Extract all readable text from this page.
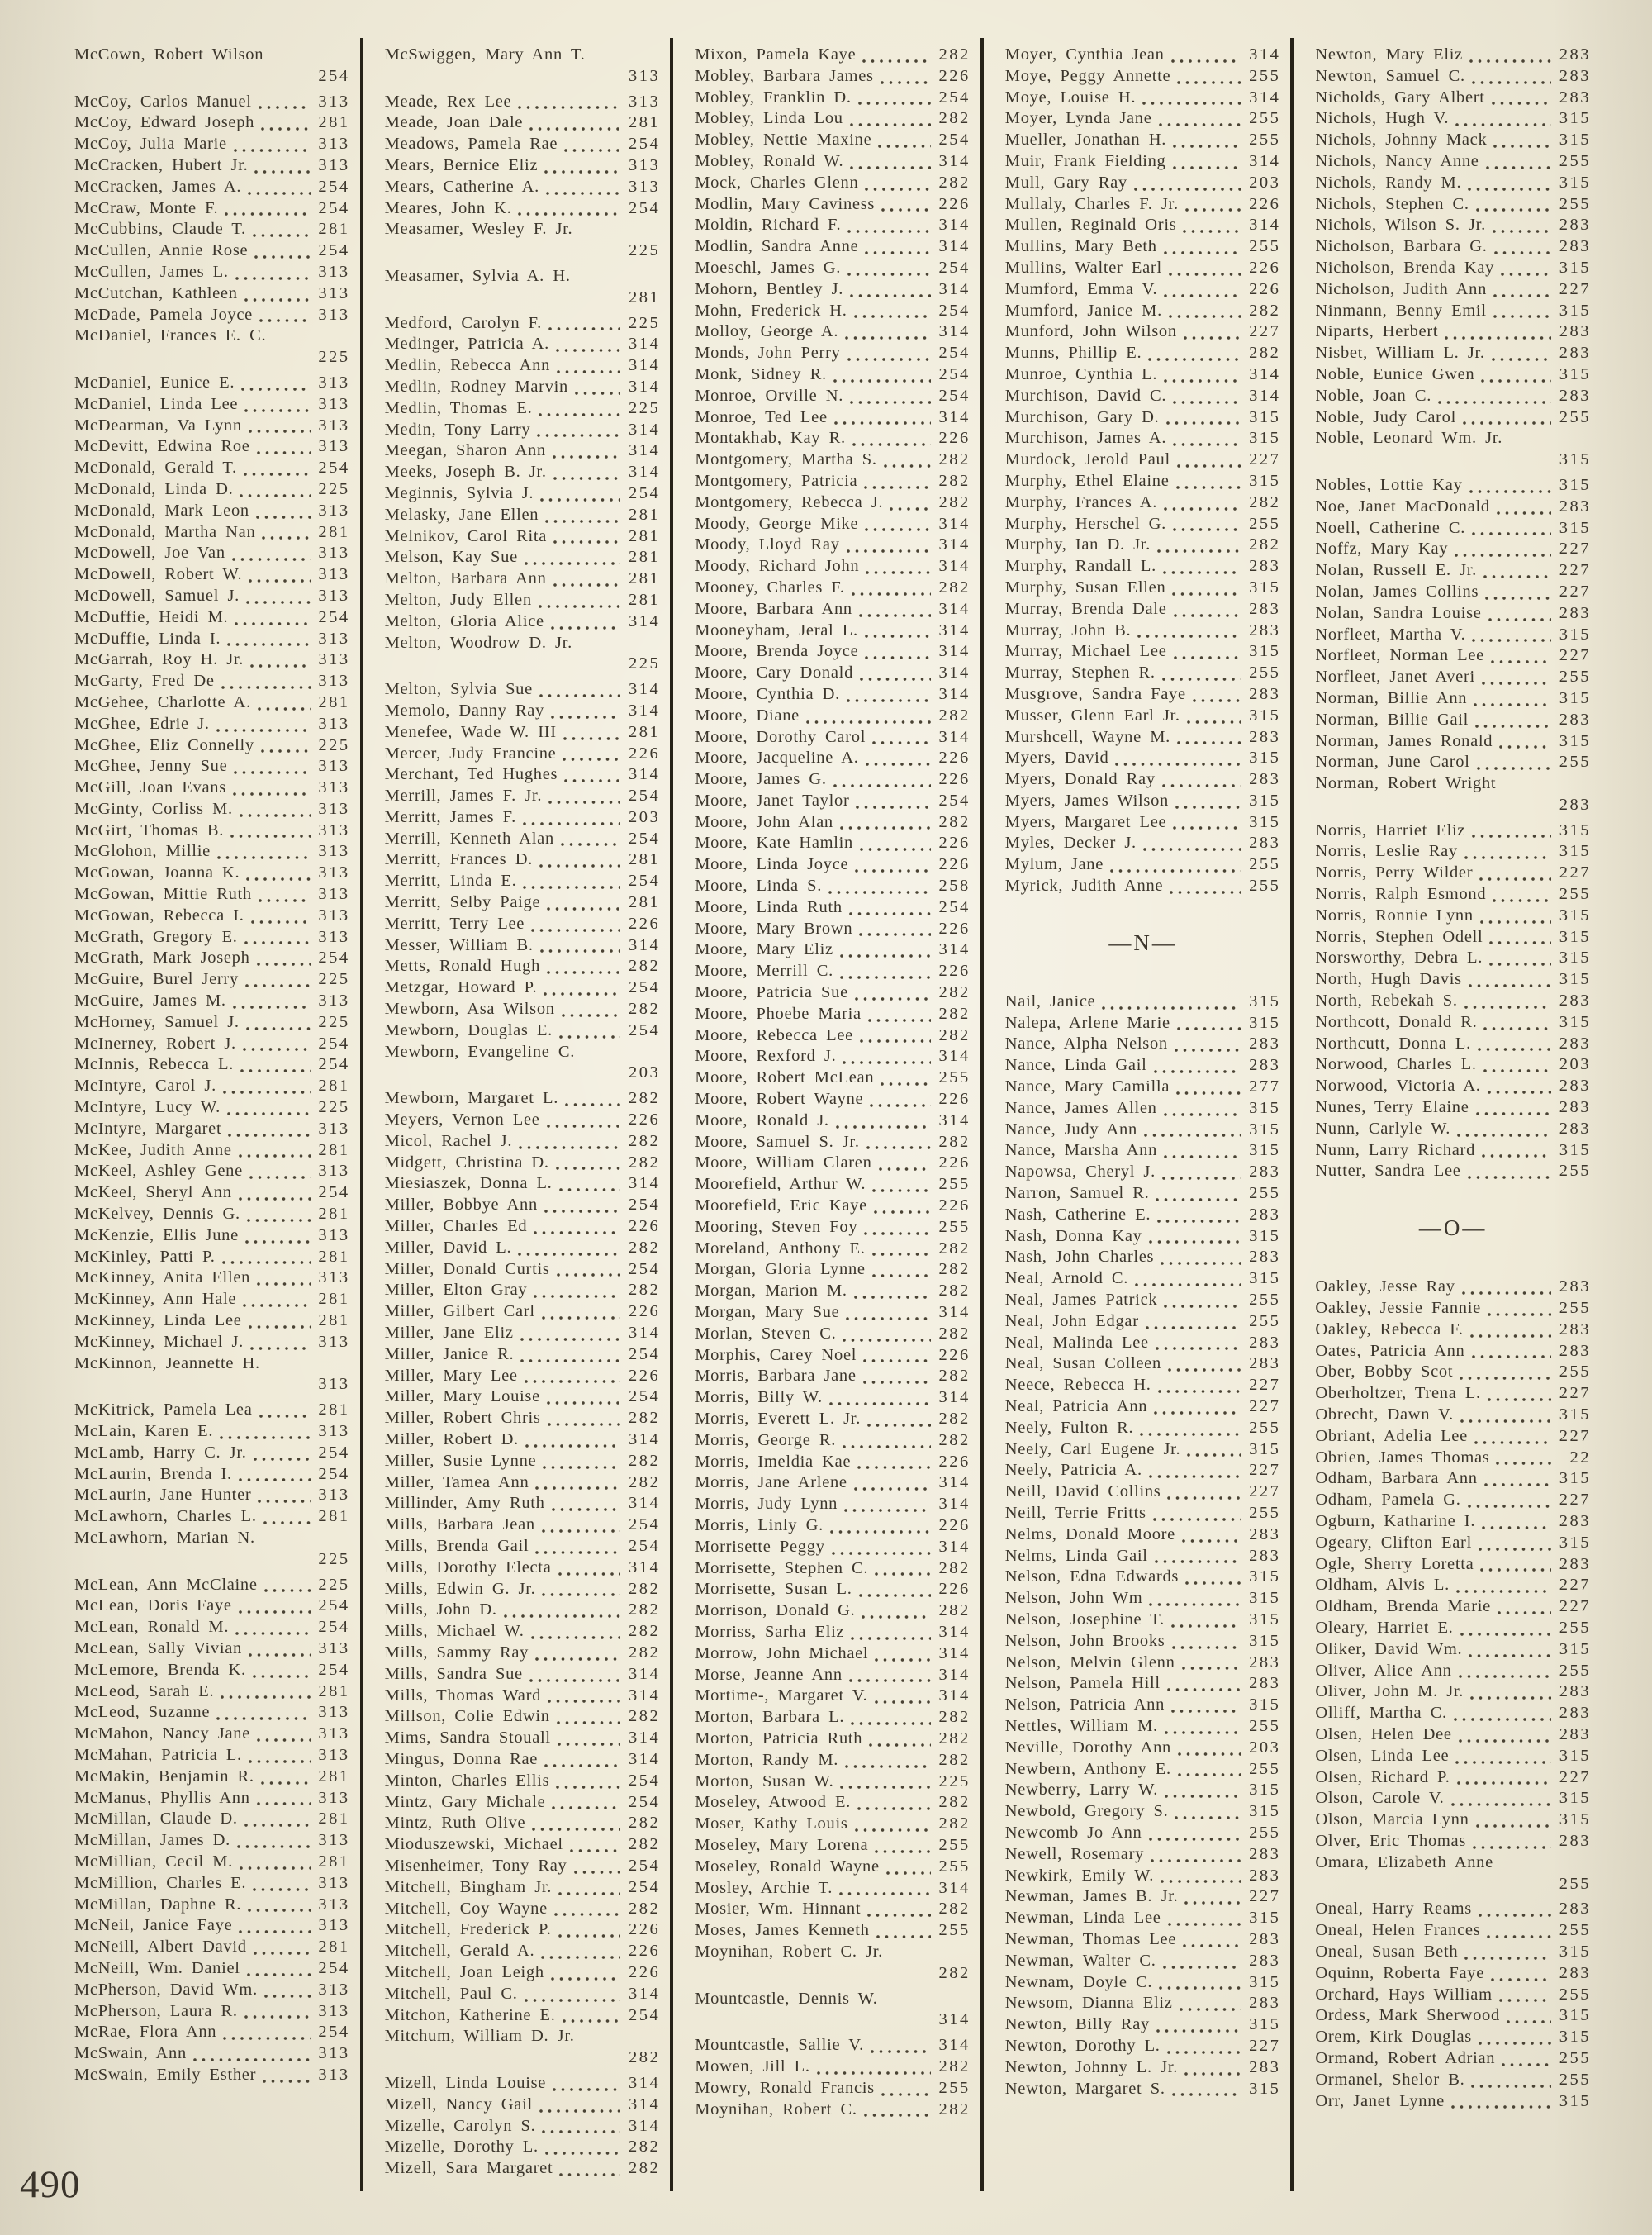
McCown, Robert Wilson
254
McCoy, Carlos Manuel	313
McCoy, Edward Joseph	281
McCoy, Julia Marie	313
McCracken, Hubert Jr.	313
McCracken, James A.	254
McCraw, Monte F.	254
McCubbins, Claude T.	281
McCullen, Annie Rose	254
McCullen, James L.	313
McCutchan, Kathleen	313
McDade, Pamela Joyce	313
McDaniel, Frances E. C.
225
McDaniel, Eunice E.	313
McDaniel, Linda Lee	313
McDearman, Va Lynn	313
McDevitt, Edwina Roe	313
McDonald, Gerald T.	254
McDonald, Linda D.	225
McDonald, Mark Leon	313
McDonald, Martha Nan	281
McDowell, Joe Van	313
McDowell, Robert W.	313
McDowell, Samuel J.	313
McDuffie, Heidi M.	254
McDuffie, Linda I.	313
McGarrah, Roy H. Jr.	313
McGarty, Fred De	313
McGehee, Charlotte A.	281
McGhee, Edrie J.	313
McGhee, Eliz Connelly	225
McGhee, Jenny Sue	313
McGill, Joan Evans	313
McGinty, Corliss M.	313
McGirt, Thomas B.	313
McGlohon, Millie	313
McGowan, Joanna K.	313
McGowan, Mittie Ruth	313
McGowan, Rebecca I.	313
McGrath, Gregory E.	313
McGrath, Mark Joseph	254
McGuire, Burel Jerry	225
McGuire, James M.	313
McHorney, Samuel J.	225
McInerney, Robert J.	254
McInnis, Rebecca L.	254
McIntyre, Carol J.	281
McIntyre, Lucy W.	225
McIntyre, Margaret	313
McKee, Judith Anne	281
McKeel, Ashley Gene	313
McKeel, Sheryl Ann	254
McKelvey, Dennis G.	281
McKenzie, Ellis June	313
McKinley, Patti P.	281
McKinney, Anita Ellen	313
McKinney, Ann Hale	281
McKinney, Linda Lee	281
McKinney, Michael J.	313
McKinnon, Jeannette H.
313
McKitrick, Pamela Lea	281
McLain, Karen E.	313
McLamb, Harry C. Jr.	254
McLaurin, Brenda I.	254
McLaurin, Jane Hunter	313
McLawhorn, Charles L.	281
McLawhorn, Marian N.
225
McLean, Ann McClaine	225
McLean, Doris Faye	254
McLean, Ronald M.	254
McLean, Sally Vivian	313
McLemore, Brenda K.	254
McLeod, Sarah E.	281
McLeod, Suzanne	313
McMahon, Nancy Jane	313
McMahan, Patricia L.	313
McMakin, Benjamin R.	281
McManus, Phyllis Ann	313
McMillan, Claude D.	281
McMillan, James D.	313
McMillian, Cecil M.	281
McMillion, Charles E.	313
McMillan, Daphne R.	313
McNeil, Janice Faye	313
McNeill, Albert David	281
McNeill, Wm. Daniel	254
McPherson, David Wm.	313
McPherson, Laura R.	313
McRae, Flora Ann	254
McSwain, Ann	313
McSwain, Emily Esther	313
McSwiggen, Mary Ann T.
313
Meade, Rex Lee	313
Meade, Joan Dale	281
Meadows, Pamela Rae	254
Mears, Bernice Eliz	313
Mears, Catherine A.	313
Meares, John K.	254
Measamer, Wesley F. Jr.
225
Measamer, Sylvia A. H.
281
Medford, Carolyn F.	225
Medinger, Patricia A.	314
Medlin, Rebecca Ann	314
Medlin, Rodney Marvin	314
Medlin, Thomas E.	225
Medin, Tony Larry	314
Meegan, Sharon Ann	314
Meeks, Joseph B. Jr.	314
Meginnis, Sylvia J.	254
Melasky, Jane Ellen	281
Melnikov, Carol Rita	281
Melson, Kay Sue	281
Melton, Barbara Ann	281
Melton, Judy Ellen	281
Melton, Gloria Alice	314
Melton, Woodrow D. Jr.
225
Melton, Sylvia Sue	314
Memolo, Danny Ray	314
Menefee, Wade W. III	281
Mercer, Judy Francine	226
Merchant, Ted Hughes	314
Merrill, James F. Jr.	254
Merritt, James F.	203
Merrill, Kenneth Alan	254
Merritt, Frances D.	281
Merritt, Linda E.	254
Merritt, Selby Paige	281
Merritt, Terry Lee	226
Messer, William B.	314
Metts, Ronald Hugh	282
Metzgar, Howard P.	254
Mewborn, Asa Wilson	282
Mewborn, Douglas E.	254
Mewborn, Evangeline C.
203
Mewborn, Margaret L.	282
Meyers, Vernon Lee	226
Micol, Rachel J.	282
Midgett, Christina D.	282
Miesiaszek, Donna L.	314
Miller, Bobbye Ann	254
Miller, Charles Ed	226
Miller, David L.	282
Miller, Donald Curtis	254
Miller, Elton Gray	282
Miller, Gilbert Carl	226
Miller, Jane Eliz	314
Miller, Janice R.	254
Miller, Mary Lee	226
Miller, Mary Louise	254
Miller, Robert Chris	282
Miller, Robert D.	314
Miller, Susie Lynne	282
Miller, Tamea Ann	282
Millinder, Amy Ruth	314
Mills, Barbara Jean	254
Mills, Brenda Gail	254
Mills, Dorothy Electa	314
Mills, Edwin G. Jr.	282
Mills, John D.	282
Mills, Michael W.	282
Mills, Sammy Ray	282
Mills, Sandra Sue	314
Mills, Thomas Ward	314
Millson, Colie Edwin	282
Mims, Sandra Stouall	314
Mingus, Donna Rae	314
Minton, Charles Ellis	254
Mintz, Gary Michale	254
Mintz, Ruth Olive	282
Mioduszewski, Michael	282
Misenheimer, Tony Ray	254
Mitchell, Bingham Jr.	254
Mitchell, Coy Wayne	282
Mitchell, Frederick P.	226
Mitchell, Gerald A.	226
Mitchell, Joan Leigh	226
Mitchell, Paul C.	314
Mitchon, Katherine E.	254
Mitchum, William D. Jr.
282
Mizell, Linda Louise	314
Mizell, Nancy Gail	314
Mizelle, Carolyn S.	314
Mizelle, Dorothy L.	282
Mizell, Sara Margaret	282
Mixon, Pamela Kaye	282
Mobley, Barbara James	226
Mobley, Franklin D.	254
Mobley, Linda Lou	282
Mobley, Nettie Maxine	254
Mobley, Ronald W.	314
Mock, Charles Glenn	282
Modlin, Mary Caviness	226
Moldin, Richard F.	314
Modlin, Sandra Anne	314
Moeschl, James G.	254
Mohorn, Bentley J.	314
Mohn, Frederick H.	254
Molloy, George A.	314
Monds, John Perry	254
Monk, Sidney R.	254
Monroe, Orville N.	254
Monroe, Ted Lee	314
Montakhab, Kay R.	226
Montgomery, Martha S.	282
Montgomery, Patricia	282
Montgomery, Rebecca J.	282
Moody, George Mike	314
Moody, Lloyd Ray	314
Moody, Richard John	314
Mooney, Charles F.	282
Moore, Barbara Ann	314
Mooneyham, Jeral L.	314
Moore, Brenda Joyce	314
Moore, Cary Donald	314
Moore, Cynthia D.	314
Moore, Diane	282
Moore, Dorothy Carol	314
Moore, Jacqueline A.	226
Moore, James G.	226
Moore, Janet Taylor	254
Moore, John Alan	282
Moore, Kate Hamlin	226
Moore, Linda Joyce	226
Moore, Linda S.	258
Moore, Linda Ruth	254
Moore, Mary Brown	226
Moore, Mary Eliz	314
Moore, Merrill C.	226
Moore, Patricia Sue	282
Moore, Phoebe Maria	282
Moore, Rebecca Lee	282
Moore, Rexford J.	314
Moore, Robert McLean	255
Moore, Robert Wayne	226
Moore, Ronald J.	314
Moore, Samuel S. Jr.	282
Moore, William Claren	226
Moorefield, Arthur W.	255
Moorefield, Eric Kaye	226
Mooring, Steven Foy	255
Moreland, Anthony E.	282
Morgan, Gloria Lynne	282
Morgan, Marion M.	282
Morgan, Mary Sue	314
Morlan, Steven C.	282
Morphis, Carey Noel	226
Morris, Barbara Jane	282
Morris, Billy W.	314
Morris, Everett L. Jr.	282
Morris, George R.	282
Morris, Imeldia Kae	226
Morris, Jane Arlene	314
Morris, Judy Lynn	314
Morris, Linly G.	226
Morrisette Peggy	314
Morrisette, Stephen C.	282
Morrisette, Susan L.	226
Morrison, Donald G.	282
Morriss, Sarha Eliz	314
Morrow, John Michael	314
Morse, Jeanne Ann	314
Mortime-, Margaret V.	314
Morton, Barbara L.	282
Morton, Patricia Ruth	282
Morton, Randy M.	282
Morton, Susan W.	225
Moseley, Atwood E.	282
Moser, Kathy Louis	282
Moseley, Mary Lorena	255
Moseley, Ronald Wayne	255
Mosley, Archie T.	314
Mosier, Wm. Hinnant	282
Moses, James Kenneth	255
Moynihan, Robert C. Jr.
282
Mountcastle, Dennis W.
314
Mountcastle, Sallie V.	314
Mowen, Jill L.	282
Mowry, Ronald Francis	255
Moynihan, Robert C.	282
Moyer, Cynthia Jean	314
Moye, Peggy Annette	255
Moye, Louise H.	314
Moyer, Lynda Jane	255
Mueller, Jonathan H.	255
Muir, Frank Fielding	314
Mull, Gary Ray	203
Mullaly, Charles F. Jr.	226
Mullen, Reginald Oris	314
Mullins, Mary Beth	255
Mullins, Walter Earl	226
Mumford, Emma V.	226
Mumford, Janice M.	282
Munford, John Wilson	227
Munns, Phillip E.	282
Munroe, Cynthia L.	314
Murchison, David C.	314
Murchison, Gary D.	315
Murchison, James A.	315
Murdock, Jerold Paul	227
Murphy, Ethel Elaine	315
Murphy, Frances A.	282
Murphy, Herschel G.	255
Murphy, Ian D. Jr.	282
Murphy, Randall L.	283
Murphy, Susan Ellen	315
Murray, Brenda Dale	283
Murray, John B.	283
Murray, Michael Lee	315
Murray, Stephen R.	255
Musgrove, Sandra Faye	283
Musser, Glenn Earl Jr.	315
Murshcell, Wayne M.	283
Myers, David	315
Myers, Donald Ray	283
Myers, James Wilson	315
Myers, Margaret Lee	315
Myles, Decker J.	283
Mylum, Jane	255
Myrick, Judith Anne	255
—N—
Nail, Janice	315
Nalepa, Arlene Marie	315
Nance, Alpha Nelson	283
Nance, Linda Gail	283
Nance, Mary Camilla	277
Nance, James Allen	315
Nance, Judy Ann	315
Nance, Marsha Ann	315
Napowsa, Cheryl J.	283
Narron, Samuel R.	255
Nash, Catherine E.	283
Nash, Donna Kay	315
Nash, John Charles	283
Neal, Arnold C.	315
Neal, James Patrick	255
Neal, John Edgar	255
Neal, Malinda Lee	283
Neal, Susan Colleen	283
Neece, Rebecca H.	227
Neal, Patricia Ann	227
Neely, Fulton R.	255
Neely, Carl Eugene Jr.	315
Neely, Patricia A.	227
Neill, David Collins	227
Neill, Terrie Fritts	255
Nelms, Donald Moore	283
Nelms, Linda Gail	283
Nelson, Edna Edwards	315
Nelson, John Wm	315
Nelson, Josephine T.	315
Nelson, John Brooks	315
Nelson, Melvin Glenn	283
Nelson, Pamela Hill	283
Nelson, Patricia Ann	315
Nettles, William M.	255
Neville, Dorothy Ann	203
Newbern, Anthony E.	255
Newberry, Larry W.	315
Newbold, Gregory S.	315
Newcomb Jo Ann	255
Newell, Rosemary	283
Newkirk, Emily W.	283
Newman, James B. Jr.	227
Newman, Linda Lee	315
Newman, Thomas Lee	283
Newman, Walter C.	283
Newnam, Doyle C.	315
Newsom, Dianna Eliz	283
Newton, Billy Ray	315
Newton, Dorothy L.	227
Newton, Johnny L. Jr.	283
Newton, Margaret S.	315
Newton, Mary Eliz	283
Newton, Samuel C.	283
Nicholds, Gary Albert	283
Nichols, Hugh V.	315
Nichols, Johnny Mack	315
Nichols, Nancy Anne	255
Nichols, Randy M.	315
Nichols, Stephen C.	255
Nichols, Wilson S. Jr.	283
Nicholson, Barbara G.	283
Nicholson, Brenda Kay	315
Nicholson, Judith Ann	227
Ninmann, Benny Emil	315
Niparts, Herbert	283
Nisbet, William L. Jr.	283
Noble, Eunice Gwen	315
Noble, Joan C.	283
Noble, Judy Carol	255
Noble, Leonard Wm. Jr.
315
Nobles, Lottie Kay	315
Noe, Janet MacDonald	283
Noell, Catherine C.	315
Noffz, Mary Kay	227
Nolan, Russell E. Jr.	227
Nolan, James Collins	227
Nolan, Sandra Louise	283
Norfleet, Martha V.	315
Norfleet, Norman Lee	227
Norfleet, Janet Averi	255
Norman, Billie Ann	315
Norman, Billie Gail	283
Norman, James Ronald	315
Norman, June Carol	255
Norman, Robert Wright
283
Norris, Harriet Eliz	315
Norris, Leslie Ray	315
Norris, Perry Wilder	227
Norris, Ralph Esmond	255
Norris, Ronnie Lynn	315
Norris, Stephen Odell	315
Norsworthy, Debra L.	315
North, Hugh Davis	315
North, Rebekah S.	283
Northcott, Donald R.	315
Northcutt, Donna L.	283
Norwood, Charles L.	203
Norwood, Victoria A.	283
Nunes, Terry Elaine	283
Nunn, Carlyle W.	283
Nunn, Larry Richard	315
Nutter, Sandra Lee	255
—O—
Oakley, Jesse Ray	283
Oakley, Jessie Fannie	255
Oakley, Rebecca F.	283
Oates, Patricia Ann	283
Ober, Bobby Scot	255
Oberholtzer, Trena L.	227
Obrecht, Dawn V.	315
Obriant, Adelia Lee	227
Obrien, James Thomas	22
Odham, Barbara Ann	315
Odham, Pamela G.	227
Ogburn, Katharine I.	283
Ogeary, Clifton Earl	315
Ogle, Sherry Loretta	283
Oldham, Alvis L.	227
Oldham, Brenda Marie	227
Oleary, Harriet E.	255
Oliker, David Wm.	315
Oliver, Alice Ann	255
Oliver, John M. Jr.	283
Olliff, Martha C.	283
Olsen, Helen Dee	283
Olsen, Linda Lee	315
Olsen, Richard P.	227
Olson, Carole V.	315
Olson, Marcia Lynn	315
Olver, Eric Thomas	283
Omara, Elizabeth Anne
255
Oneal, Harry Reams	283
Oneal, Helen Frances	255
Oneal, Susan Beth	315
Oquinn, Roberta Faye	283
Orchard, Hays William	255
Ordess, Mark Sherwood	315
Orem, Kirk Douglas	315
Ormand, Robert Adrian	255
Ormanel, Shelor B.	255
Orr, Janet Lynne	315
490
